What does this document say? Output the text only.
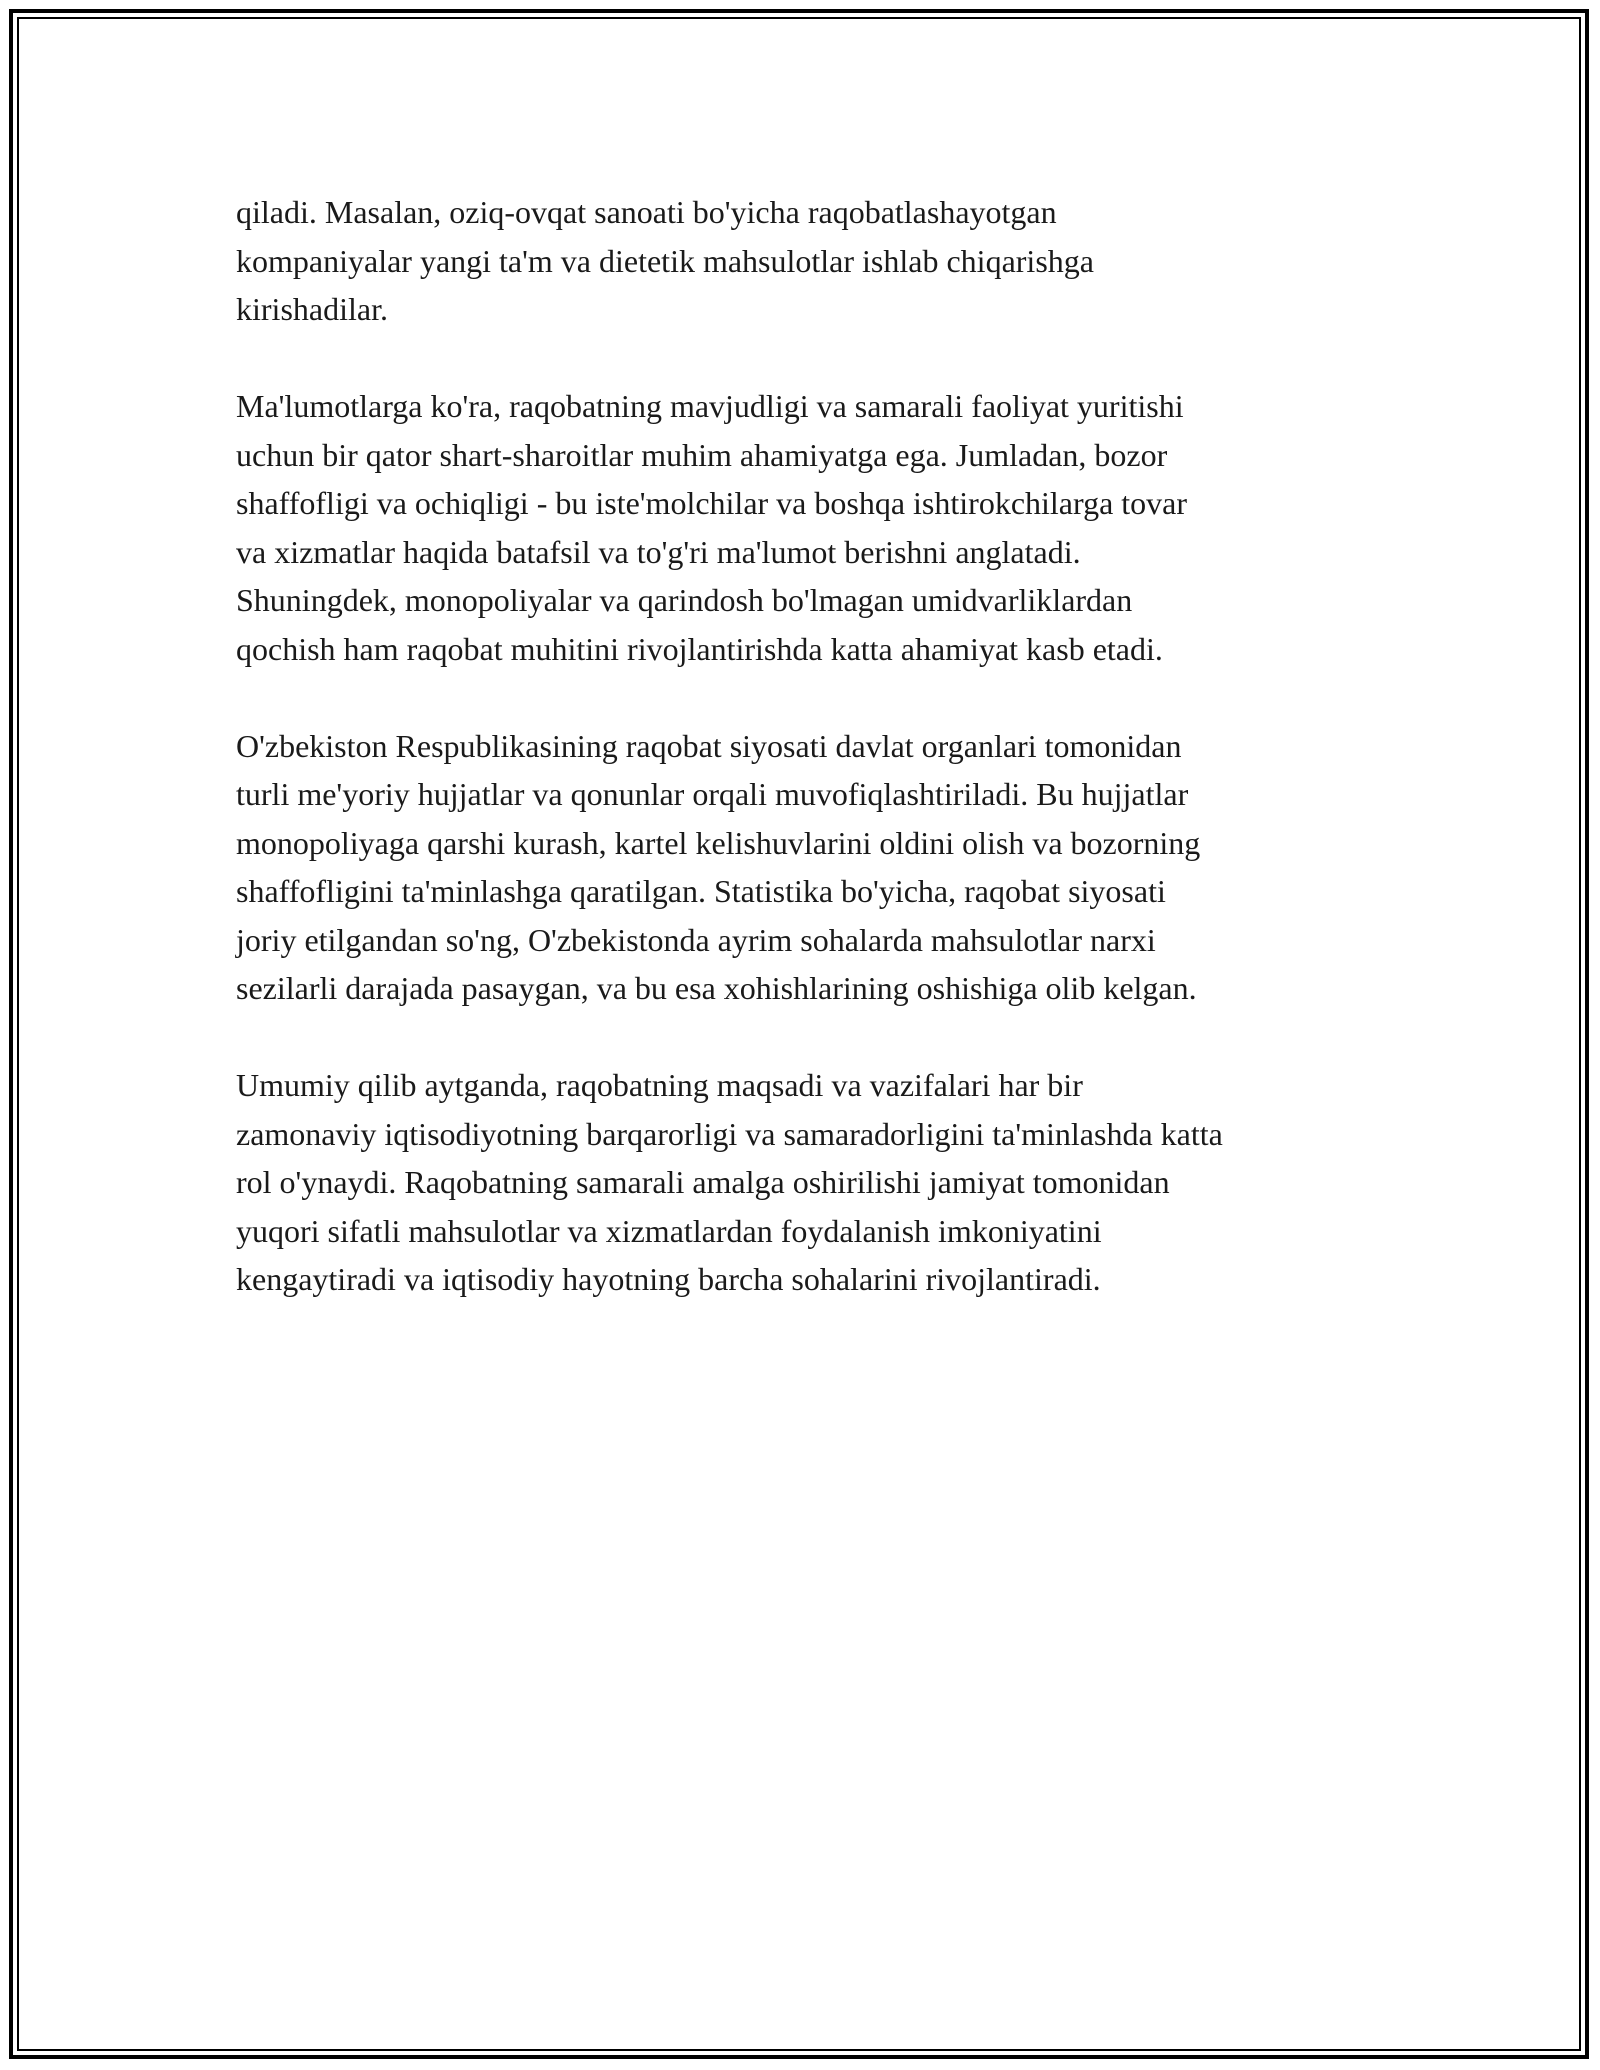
qiladi. Masalan, oziq-ovqat sanoati bo'yicha raqobatlashayotgan
kompaniyalar yangi ta'm va dietetik mahsulotlar ishlab chiqarishga
kirishadilar.

Ma'lumotlarga ko'ra, raqobatning mavjudligi va samarali faoliyat yuritishi
uchun bir qator shart-sharoitlar muhim ahamiyatga ega. Jumladan, bozor
shaffofligi va ochiqligi - bu iste'molchilar va boshqa ishtirokchilarga tovar
va xizmatlar haqida batafsil va to'g'ri ma'lumot berishni anglatadi.
Shuningdek, monopoliyalar va qarindosh bo'lmagan umidvarliklardan
qochish ham raqobat muhitini rivojlantirishda katta ahamiyat kasb etadi.

O'zbekiston Respublikasining raqobat siyosati davlat organlari tomonidan
turli me'yoriy hujjatlar va qonunlar orqali muvofiqlashtiriladi. Bu hujjatlar
monopoliyaga qarshi kurash, kartel kelishuvlarini oldini olish va bozorning
shaffofligini ta'minlashga qaratilgan. Statistika bo'yicha, raqobat siyosati
joriy etilgandan so'ng, O'zbekistonda ayrim sohalarda mahsulotlar narxi
sezilarli darajada pasaygan, va bu esa xohishlarining oshishiga olib kelgan.

Umumiy qilib aytganda, raqobatning maqsadi va vazifalari har bir
zamonaviy iqtisodiyotning barqarorligi va samaradorligini ta'minlashda katta
rol o'ynaydi. Raqobatning samarali amalga oshirilishi jamiyat tomonidan
yuqori sifatli mahsulotlar va xizmatlardan foydalanish imkoniyatini
kengaytiradi va iqtisodiy hayotning barcha sohalarini rivojlantiradi.
